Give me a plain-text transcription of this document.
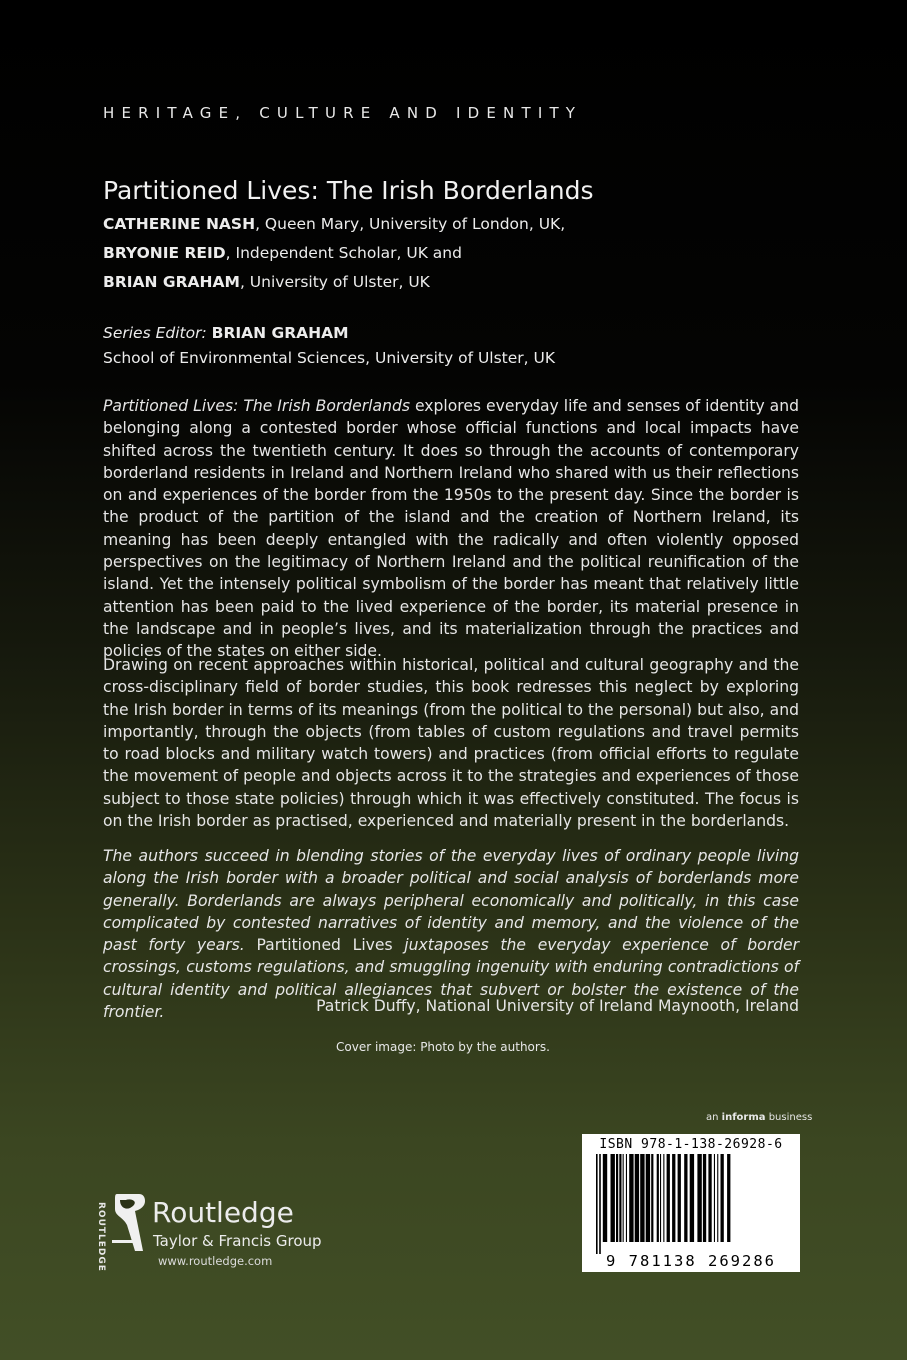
HERITAGE, CULTURE AND IDENTITY
Partitioned Lives: The Irish Borderlands
CATHERINE NASH, Queen Mary, University of London, UK,
BRYONIE REID, Independent Scholar, UK and
BRIAN GRAHAM, University of Ulster, UK
Series Editor: BRIAN GRAHAM
School of Environmental Sciences, University of Ulster, UK
Partitioned Lives: The Irish Borderlands explores everyday life and senses of identity and belonging along a contested border whose official functions and local impacts have shifted across the twentieth century. It does so through the accounts of contemporary borderland residents in Ireland and Northern Ireland who shared with us their reflections on and experiences of the border from the 1950s to the present day. Since the border is the product of the partition of the island and the creation of Northern Ireland, its meaning has been deeply entangled with the radically and often violently opposed perspectives on the legitimacy of Northern Ireland and the political reunification of the island. Yet the intensely political symbolism of the border has meant that relatively little attention has been paid to the lived experience of the border, its material presence in the landscape and in people’s lives, and its materialization through the practices and policies of the states on either side.
Drawing on recent approaches within historical, political and cultural geography and the cross-disciplinary field of border studies, this book redresses this neglect by exploring the Irish border in terms of its meanings (from the political to the personal) but also, and importantly, through the objects (from tables of custom regulations and travel permits to road blocks and military watch towers) and practices (from official efforts to regulate the movement of people and objects across it to the strategies and experiences of those subject to those state policies) through which it was effectively constituted. The focus is on the Irish border as practised, experienced and materially present in the borderlands.
The authors succeed in blending stories of the everyday lives of ordinary people living along the Irish border with a broader political and social analysis of borderlands more generally. Borderlands are always peripheral economically and politically, in this case complicated by contested narratives of identity and memory, and the violence of the past forty years. Partitioned Lives juxtaposes the everyday experience of border crossings, customs regulations, and smuggling ingenuity with enduring contradictions of cultural identity and political allegiances that subvert or bolster the existence of the frontier.	Patrick Duffy, National University of Ireland Maynooth, Ireland
Cover image: Photo by the authors.
an informa business
ISBN 978-1-138-26928-6
9 781138 269286
ROUTLEDGE Routledge
Taylor & Francis Group
www.routledge.com
